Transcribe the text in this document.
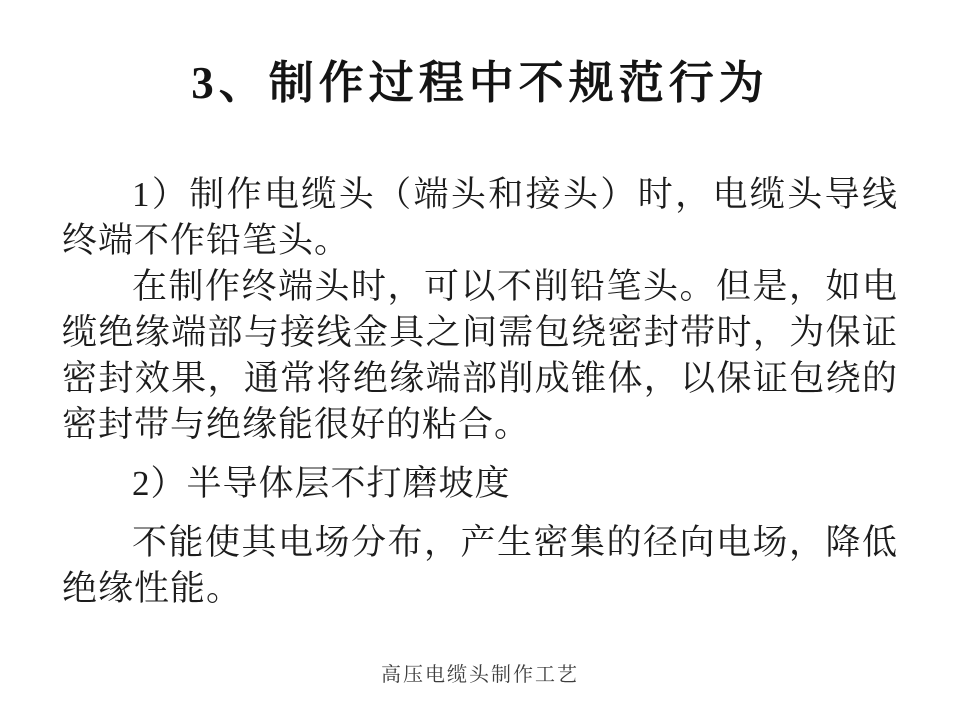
3、制作过程中不规范行为

1）制作电缆头（端头和接头）时，电缆头导线终端不作铅笔头。

在制作终端头时，可以不削铅笔头。但是，如电缆绝缘端部与接线金具之间需包绕密封带时，为保证密封效果，通常将绝缘端部削成锥体，以保证包绕的密封带与绝缘能很好的粘合。

2）半导体层不打磨坡度

不能使其电场分布，产生密集的径向电场，降低绝缘性能。

高压电缆头制作工艺
